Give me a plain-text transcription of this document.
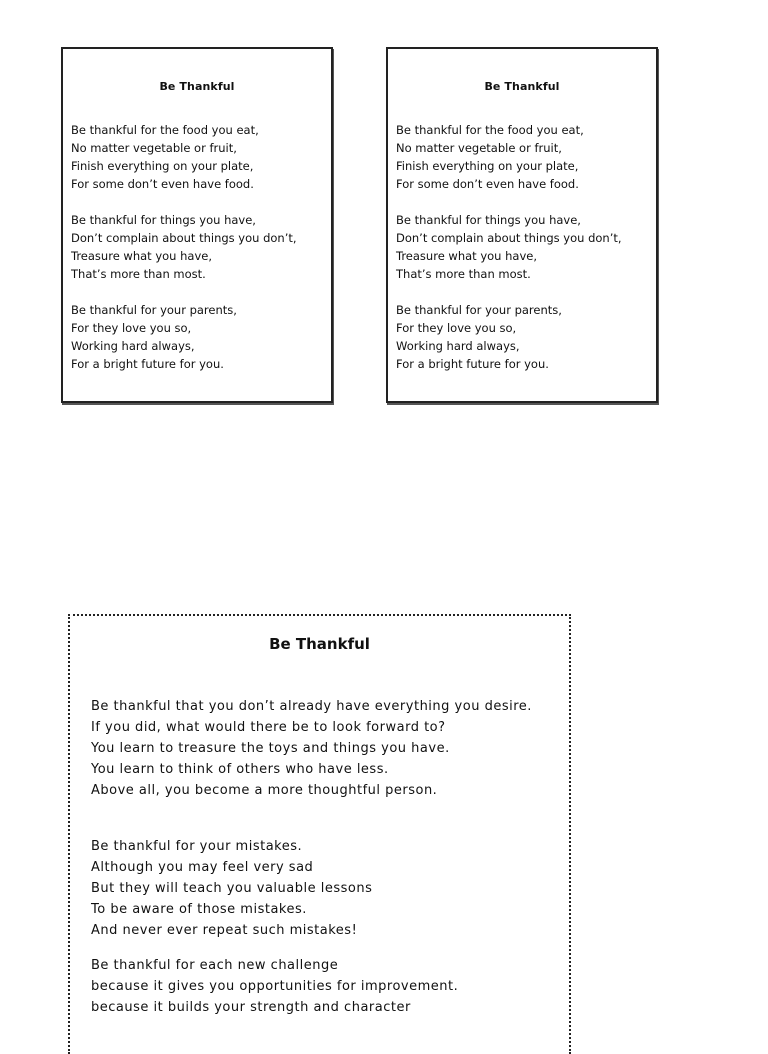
Be Thankful
Be thankful for the food you eat,
No matter vegetable or fruit,
Finish everything on your plate,
For some don’t even have food.
Be thankful for things you have,
Don’t complain about things you don’t,
Treasure what you have,
That’s more than most.
Be thankful for your parents,
For they love you so,
Working hard always,
For a bright future for you.
Be Thankful
Be thankful for the food you eat,
No matter vegetable or fruit,
Finish everything on your plate,
For some don’t even have food.
Be thankful for things you have,
Don’t complain about things you don’t,
Treasure what you have,
That’s more than most.
Be thankful for your parents,
For they love you so,
Working hard always,
For a bright future for you.
Be Thankful
Be thankful that you don’t already have everything you desire.
If you did, what would there be to look forward to?
You learn to treasure the toys and things you have.
You learn to think of others who have less.
Above all, you become a more thoughtful person.
Be thankful for your mistakes.
Although you may feel very sad
But they will teach you valuable lessons
To be aware of those mistakes.
And never ever repeat such mistakes!
Be thankful for each new challenge
because it gives you opportunities for improvement.
because it builds your strength and character
